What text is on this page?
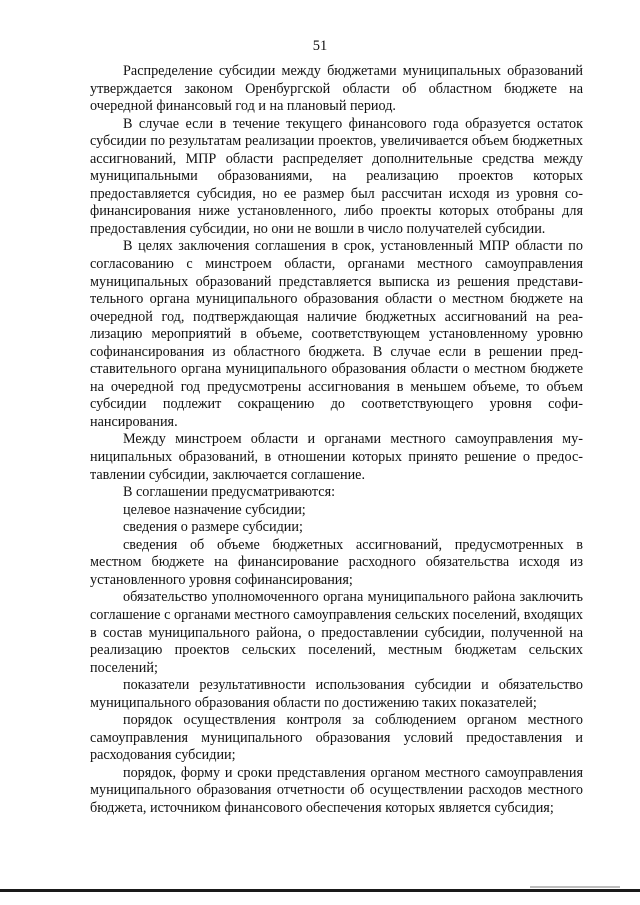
51

Распределение субсидии между бюджетами муниципальных образований утверждается законом Оренбургской области об областном бюджете на очередной финансовый год и на плановый период.

В случае если в течение текущего финансового года образуется остаток субсидии по результатам реализации проектов, увеличивается объем бюджетных ассигнований, МПР области распределяет дополнительные средства между муниципальными образованиями, на реализацию проектов которых предоставляется субсидия, но ее размер был рассчитан исходя из уровня софинансирования ниже установленного, либо проекты которых отобраны для предоставления субсидии, но они не вошли в число получателей субсидии.

В целях заключения соглашения в срок, установленный МПР области по согласованию с минстроем области, органами местного самоуправления муниципальных образований представляется выписка из решения представительного органа муниципального образования области о местном бюджете на очередной год, подтверждающая наличие бюджетных ассигнований на реализацию мероприятий в объеме, соответствующем установленному уровню софинансирования из областного бюджета. В случае если в решении представительного органа муниципального образования области о местном бюджете на очередной год предусмотрены ассигнования в меньшем объеме, то объем субсидии подлежит сокращению до соответствующего уровня софинансирования.

Между минстроем области и органами местного самоуправления муниципальных образований, в отношении которых принято решение о предоставлении субсидии, заключается соглашение.

В соглашении предусматриваются:

целевое назначение субсидии;

сведения о размере субсидии;

сведения об объеме бюджетных ассигнований, предусмотренных в местном бюджете на финансирование расходного обязательства исходя из установленного уровня софинансирования;

обязательство уполномоченного органа муниципального района заключить соглашение с органами местного самоуправления сельских поселений, входящих в состав муниципального района, о предоставлении субсидии, полученной на реализацию проектов сельских поселений, местным бюджетам сельских поселений;

показатели результативности использования субсидии и обязательство муниципального образования области по достижению таких показателей;

порядок осуществления контроля за соблюдением органом местного самоуправления муниципального образования условий предоставления и расходования субсидии;

порядок, форму и сроки представления органом местного самоуправления муниципального образования отчетности об осуществлении расходов местного бюджета, источником финансового обеспечения которых является субсидия;
